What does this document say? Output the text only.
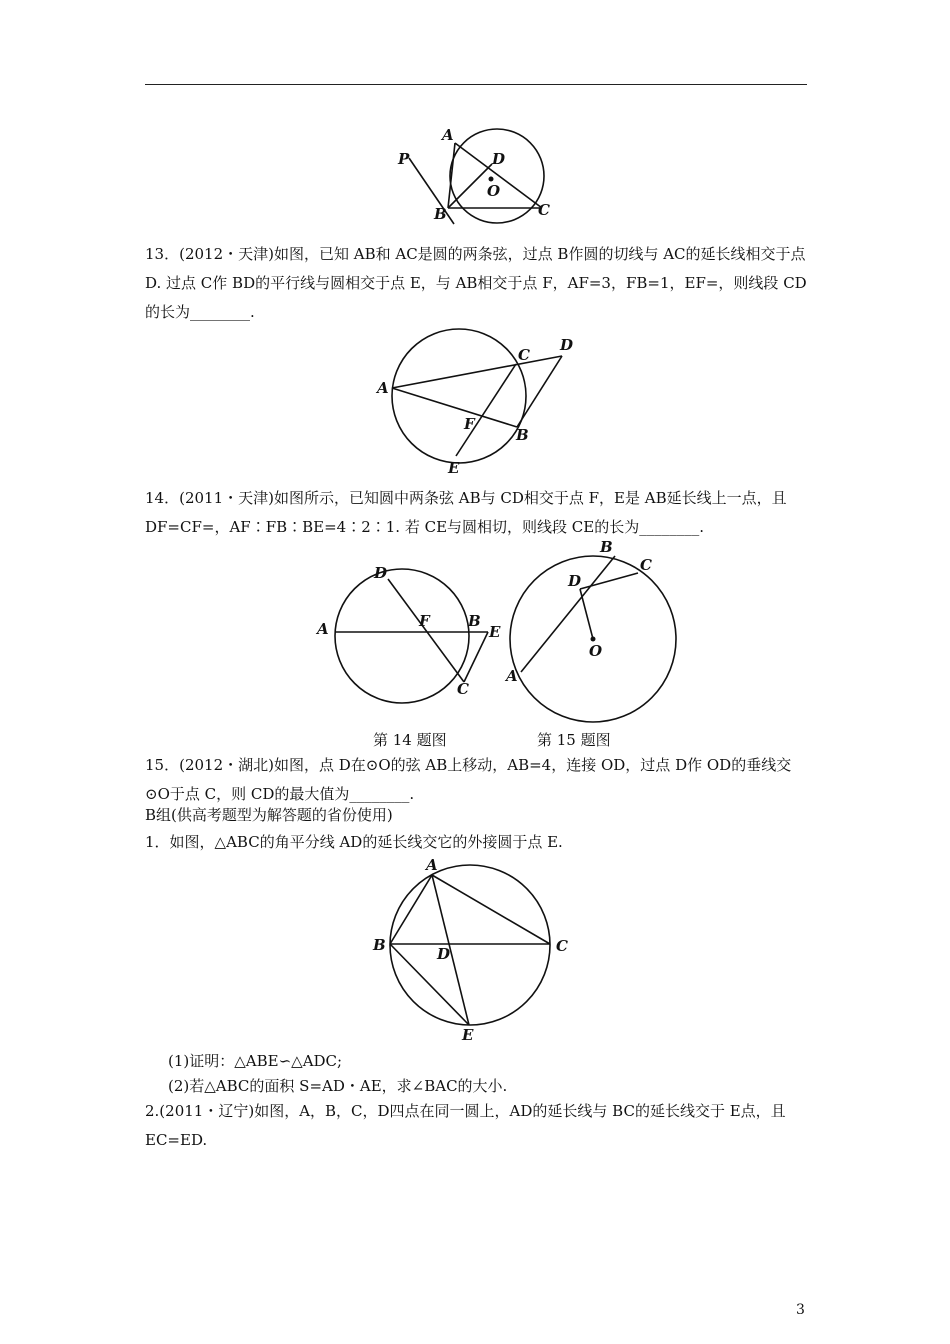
A
P	D
O
B	C

13．(2012・天津)如图，已知 AB和 AC是圆的两条弦，过点 B作圆的切线与 AC的延长线相交于点 D. 过点 C作 BD的平行线与圆相交于点 E，与 AB相交于点 F，AF=3，FB=1，EF=，则线段 CD的长为________.

A
C
D
F
B
E

14．(2011・天津)如图所示，已知圆中两条弦 AB与 CD相交于点 F，E是 AB延长线上一点，且 DF=CF=，AF∶FB∶BE=4∶2∶1. 若 CE与圆相切，则线段 CE的长为________.

D
A	F	B
E
C
B
C
D
O
A
第 14 题图	第 15 题图

15．(2012・湖北)如图，点 D在⊙O的弦 AB上移动，AB=4，连接 OD，过点 D作 OD的垂线交⊙O于点 C，则 CD的最大值为________.

B组(供高考题型为解答题的省份使用)

1．如图，△ABC的角平分线 AD的延长线交它的外接圆于点 E.

A
B	D	C
E

(1)证明：△ABE∽△ADC;

(2)若△ABC的面积 S=AD・AE，求∠BAC的大小.

2.(2011・辽宁)如图，A，B，C，D四点在同一圆上，AD的延长线与 BC的延长线交于 E点，且 EC=ED.

3
